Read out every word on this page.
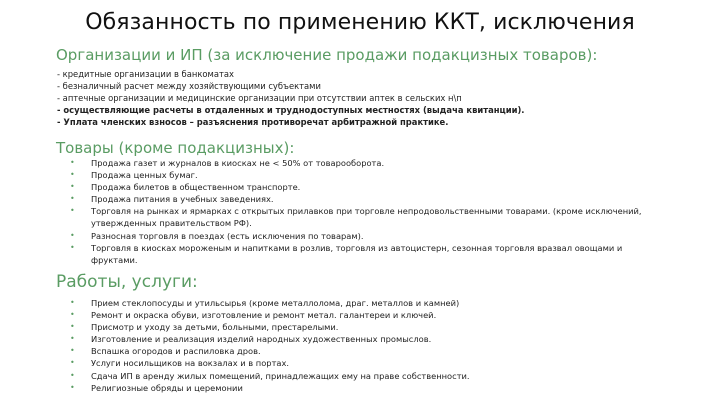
Обязанность по применению ККТ, исключения
Организации и ИП (за исключение продажи подакцизных товаров):
- кредитные организации в банкоматах
- безналичный расчет между хозяйствующими субъектами
- аптечные организации и медицинские организации при отсутствии аптек в сельских н\п
- осуществляющие расчеты в отдаленных и труднодоступных местностях (выдача квитанции).
- Уплата членских взносов – разъяснения противоречат арбитражной практике.
Товары (кроме подакцизных):
• Продажа газет и журналов в киосках не < 50% от товарооборота.
• Продажа ценных бумаг.
• Продажа билетов в общественном транспорте.
• Продажа питания в учебных заведениях.
• Торговля на рынках и ярмарках с открытых прилавков при торговле непродовольственными товарами. (кроме исключений,
утвержденных правительством РФ).
• Разносная торговля в поездах (есть исключения по товарам).
• Торговля в киосках мороженым и напитками в розлив, торговля из автоцистерн, сезонная торговля вразвал овощами и
фруктами.
Работы, услуги:
• Прием стеклопосуды и утильсырья (кроме металлолома, драг. металлов и камней)
• Ремонт и окраска обуви, изготовление и ремонт метал. галантереи и ключей.
• Присмотр и уходу за детьми, больными, престарелыми.
• Изготовление и реализация изделий народных художественных промыслов.
• Вспашка огородов и распиловка дров.
• Услуги носильщиков на вокзалах и в портах.
• Сдача ИП в аренду жилых помещений, принадлежащих ему на праве собственности.
• Религиозные обряды и церемонии
